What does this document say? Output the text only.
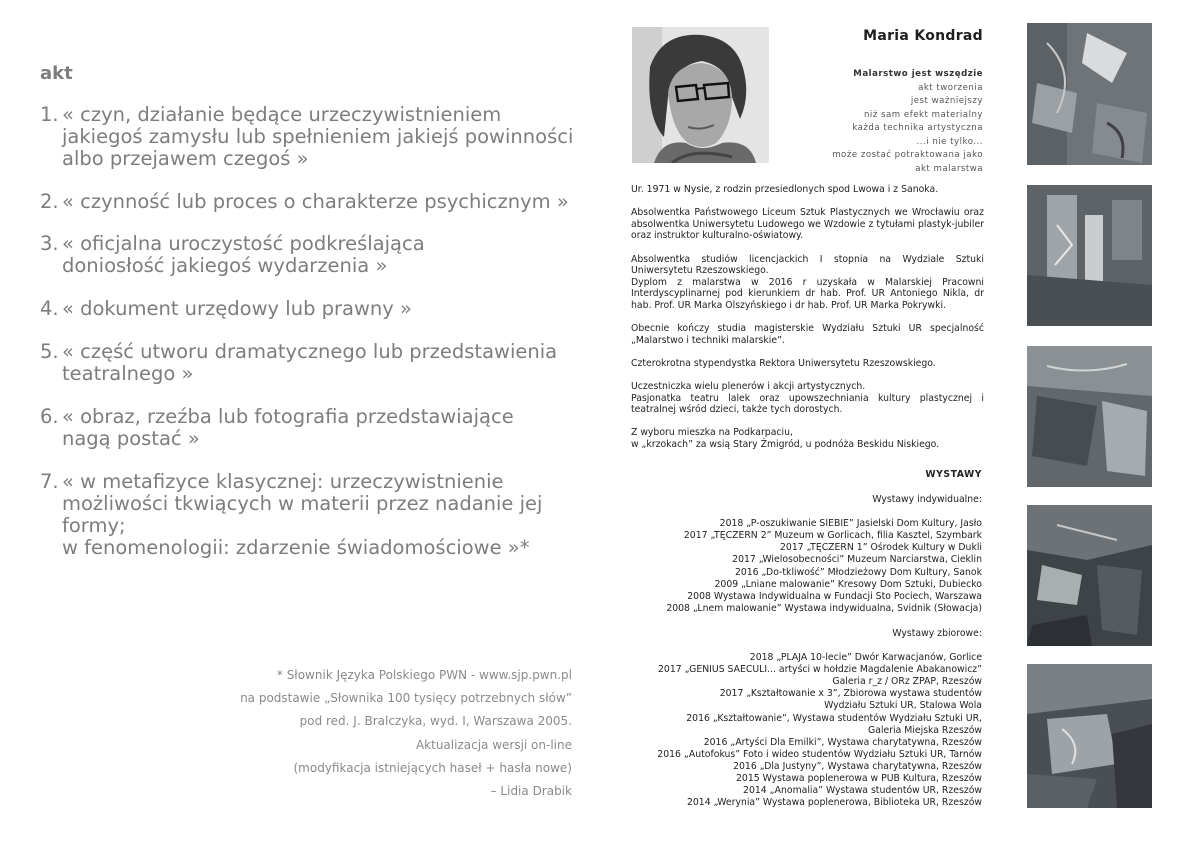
akt
1. « czyn, działanie będące urzeczywistnieniem
jakiegoś zamysłu lub spełnieniem jakiejś powinności
albo przejawem czegoś »
2. « czynność lub proces o charakterze psychicznym »
3. « oficjalna uroczystość podkreślająca
doniosłość jakiegoś wydarzenia »
4. « dokument urzędowy lub prawny »
5. « część utworu dramatycznego lub przedstawienia
teatralnego »
6. « obraz, rzeźba lub fotografia przedstawiające
nagą postać »
7. « w metafizyce klasycznej: urzeczywistnienie
możliwości tkwiących w materii przez nadanie jej
formy;
w fenomenologii: zdarzenie świadomościowe »*
* Słownik Języka Polskiego PWN - www.sjp.pwn.pl
na podstawie „Słownika 100 tysięcy potrzebnych słów”
pod red. J. Bralczyka, wyd. I, Warszawa 2005.
Aktualizacja wersji on-line
(modyfikacja istniejących haseł + hasła nowe)
– Lidia Drabik
Maria Kondrad
Malarstwo jest wszędzie
akt tworzenia
jest ważniejszy
niż sam efekt materialny
każda technika artystyczna
...i nie tylko...
może zostać potraktowana jako
akt malarstwa

Ur. 1971 w Nysie, z rodzin przesiedlonych spod Lwowa i z Sanoka.

Absolwentka Państwowego Liceum Sztuk Plastycznych we Wrocławiu oraz absolwentka Uniwersytetu Ludowego we Wzdowie z tytułami plastyk-jubiler oraz instruktor kulturalno-oświatowy.

Absolwentka studiów licencjackich I stopnia na Wydziale Sztuki Uniwersytetu Rzeszowskiego.
Dyplom z malarstwa w 2016 r uzyskała w Malarskiej Pracowni Interdyscyplinarnej pod kierunkiem dr hab. Prof. UR Antoniego Nikla, dr hab. Prof. UR Marka Olszyńskiego i dr hab. Prof. UR Marka Pokrywki.

Obecnie kończy studia magisterskie Wydziału Sztuki UR specjalność „Malarstwo i techniki malarskie”.

Czterokrotna stypendystka Rektora Uniwersytetu Rzeszowskiego.

Uczestniczka wielu plenerów i akcji artystycznych.
Pasjonatka teatru lalek oraz upowszechniania kultury plastycznej i teatralnej wśród dzieci, także tych dorostych.

Z wyboru mieszka na Podkarpaciu,
w „krzokach” za wsią Stary Żmigród, u podnóża Beskidu Niskiego.

WYSTAWY
Wystawy indywidualne:
2018 „P-oszukiwanie SIEBIE” Jasielski Dom Kultury, Jasło
2017 „TĘCZERN 2” Muzeum w Gorlicach, filia Kasztel, Szymbark
2017 „TĘCZERN 1” Ośrodek Kultury w Dukli
2017 „Wielosobecności” Muzeum Narciarstwa, Cieklin
2016 „Do-tkliwość” Młodzieżowy Dom Kultury, Sanok
2009 „Lniane malowanie” Kresowy Dom Sztuki, Dubiecko
2008 Wystawa Indywidualna w Fundacji Sto Pociech, Warszawa
2008 „Lnem malowanie” Wystawa indywidualna, Svidnik (Słowacja)
Wystawy zbiorowe:
2018 „PLAJA 10-lecie” Dwór Karwacjanów, Gorlice
2017 „GENIUS SAECULI... artyści w hołdzie Magdalenie Abakanowicz”
Galeria r_z / ORz ZPAP, Rzeszów
2017 „Kształtowanie x 3”, Zbiorowa wystawa studentów
Wydziału Sztuki UR, Stalowa Wola
2016 „Kształtowanie”, Wystawa studentów Wydziału Sztuki UR,
Galeria Miejska Rzeszów
2016 „Artyści Dla Emilki”, Wystawa charytatywna, Rzeszów
2016 „Autofokus” Foto i wideo studentów Wydziału Sztuki UR, Tarnów
2016 „Dla Justyny”, Wystawa charytatywna, Rzeszów
2015 Wystawa poplenerowa w PUB Kultura, Rzeszów
2014 „Anomalia” Wystawa studentów UR, Rzeszów
2014 „Werynia” Wystawa poplenerowa, Biblioteka UR, Rzeszów
